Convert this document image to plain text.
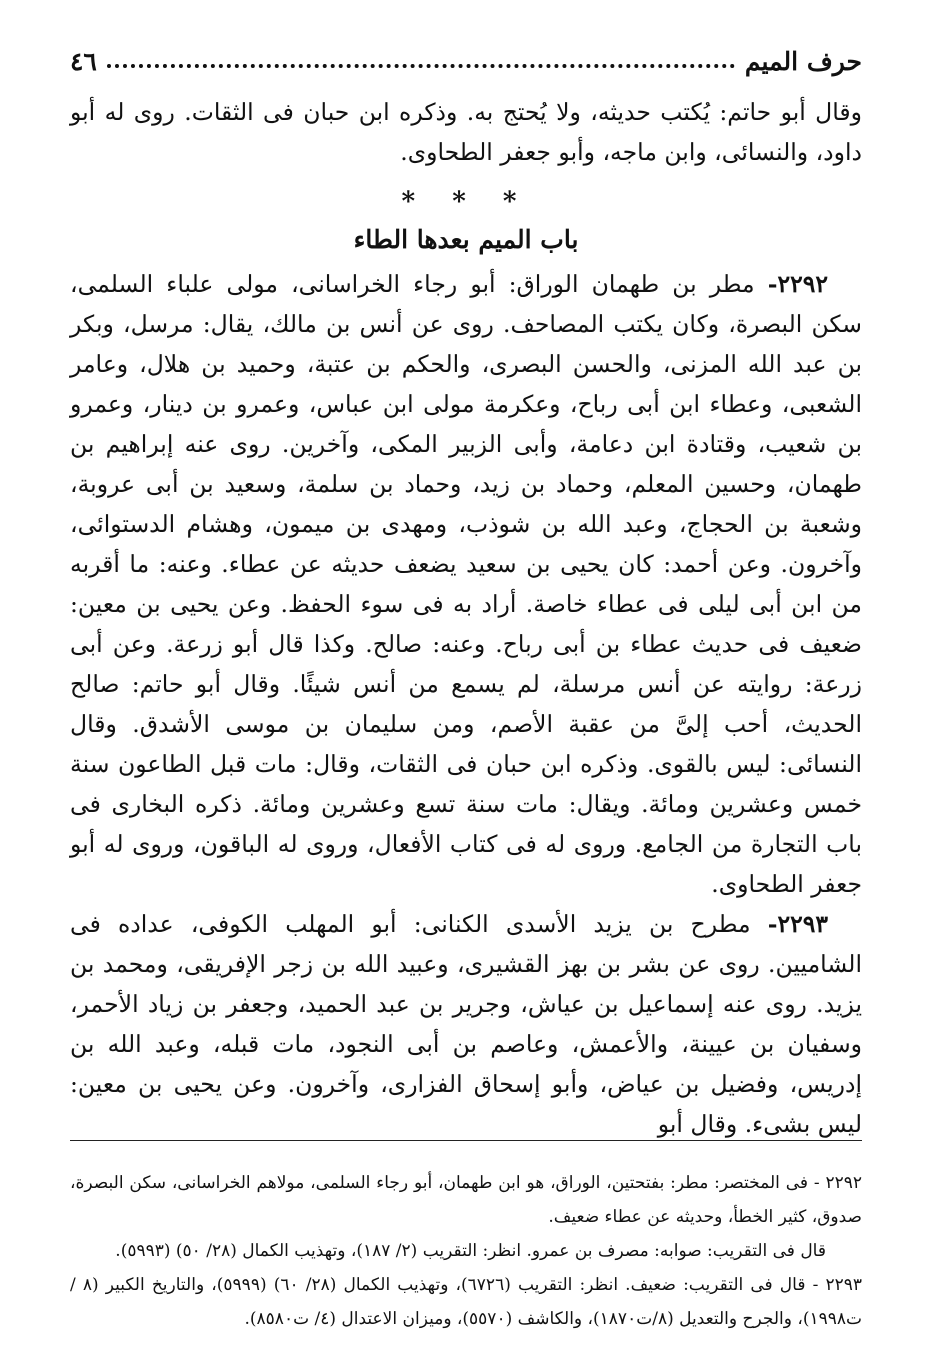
حرف الميم
٤٦

وقال أبو حاتم: يُكتب حديثه، ولا يُحتج به. وذكره ابن حبان فى الثقات. روى له أبو داود، والنسائى، وابن ماجه، وأبو جعفر الطحاوى.

* * *
باب الميم بعدها الطاء

٢٢٩٢- مطر بن طهمان الوراق: أبو رجاء الخراسانى، مولى علباء السلمى، سكن البصرة، وكان يكتب المصاحف. روى عن أنس بن مالك، يقال: مرسل، وبكر بن عبد الله المزنى، والحسن البصرى، والحكم بن عتبة، وحميد بن هلال، وعامر الشعبى، وعطاء ابن أبى رباح، وعكرمة مولى ابن عباس، وعمرو بن دينار، وعمرو بن شعيب، وقتادة ابن دعامة، وأبى الزبير المكى، وآخرين. روى عنه إبراهيم بن طهمان، وحسين المعلم، وحماد بن زيد، وحماد بن سلمة، وسعيد بن أبى عروبة، وشعبة بن الحجاج، وعبد الله بن شوذب، ومهدى بن ميمون، وهشام الدستوائى، وآخرون. وعن أحمد: كان يحيى بن سعيد يضعف حديثه عن عطاء. وعنه: ما أقربه من ابن أبى ليلى فى عطاء خاصة. أراد به فى سوء الحفظ. وعن يحيى بن معين: ضعيف فى حديث عطاء بن أبى رباح. وعنه: صالح. وكذا قال أبو زرعة. وعن أبى زرعة: روايته عن أنس مرسلة، لم يسمع من أنس شيئًا. وقال أبو حاتم: صالح الحديث، أحب إلىَّ من عقبة الأصم، ومن سليمان بن موسى الأشدق. وقال النسائى: ليس بالقوى. وذكره ابن حبان فى الثقات، وقال: مات قبل الطاعون سنة خمس وعشرين ومائة. ويقال: مات سنة تسع وعشرين ومائة. ذكره البخارى فى باب التجارة من الجامع. وروى له فى كتاب الأفعال، وروى له الباقون، وروى له أبو جعفر الطحاوى.

٢٢٩٣- مطرح بن يزيد الأسدى الكنانى: أبو المهلب الكوفى، عداده فى الشاميين. روى عن بشر بن بهز القشيرى، وعبيد الله بن زجر الإفريقى، ومحمد بن يزيد. روى عنه إسماعيل بن عياش، وجرير بن عبد الحميد، وجعفر بن زياد الأحمر، وسفيان بن عيينة، والأعمش، وعاصم بن أبى النجود، مات قبله، وعبد الله بن إدريس، وفضيل بن عياض، وأبو إسحاق الفزارى، وآخرون. وعن يحيى بن معين: ليس بشىء. وقال أبو

٢٢٩٢ - فى المختصر: مطر: بفتحتين، الوراق، هو ابن طهمان، أبو رجاء السلمى، مولاهم الخراسانى، سكن البصرة، صدوق، كثير الخطأ، وحديثه عن عطاء ضعيف.

قال فى التقريب: صوابه: مصرف بن عمرو. انظر: التقريب (٢/ ١٨٧)، وتهذيب الكمال (٢٨/ ٥٠) (٥٩٩٣).

٢٢٩٣ - قال فى التقريب: ضعيف. انظر: التقريب (٦٧٢٦)، وتهذيب الكمال (٢٨/ ٦٠) (٥٩٩٩)، والتاريخ الكبير (٨ / ت١٩٩٨)، والجرح والتعديل (٨/ت١٨٧٠)، والكاشف (٥٥٧٠)، وميزان الاعتدال (٤/ ت٨٥٨٠).
